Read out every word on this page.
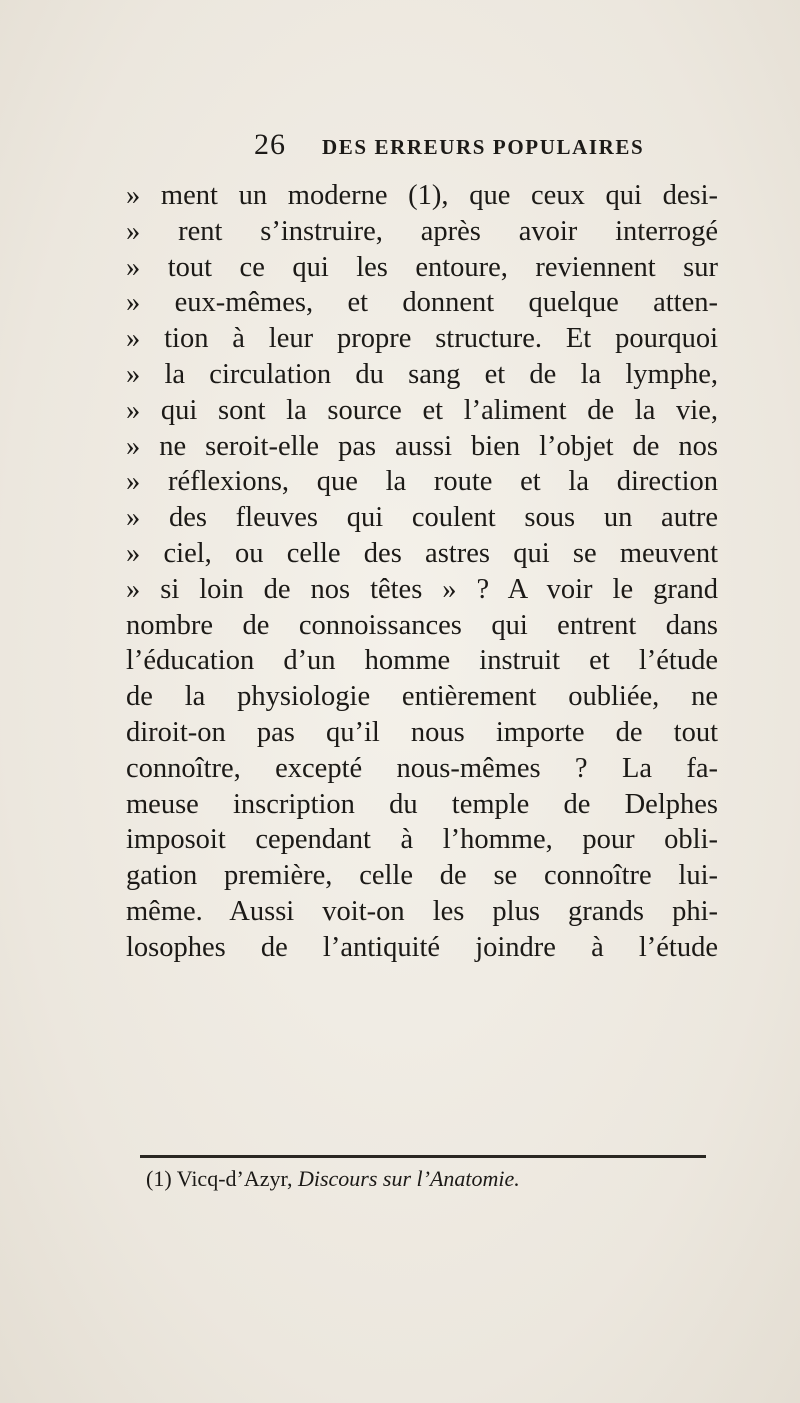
26 DES ERREURS POPULAIRES
» ment un moderne (1), que ceux qui desi-
» rent s’instruire, après avoir interrogé
» tout ce qui les entoure, reviennent sur
» eux-mêmes, et donnent quelque atten-
» tion à leur propre structure. Et pourquoi
» la circulation du sang et de la lymphe,
» qui sont la source et l’aliment de la vie,
» ne seroit-elle pas aussi bien l’objet de nos
» réflexions, que la route et la direction
» des fleuves qui coulent sous un autre
» ciel, ou celle des astres qui se meuvent
» si loin de nos têtes » ? A voir le grand
nombre de connoissances qui entrent dans
l’éducation d’un homme instruit et l’étude
de la physiologie entièrement oubliée, ne
diroit-on pas qu’il nous importe de tout
connoître, excepté nous-mêmes ? La fa-
meuse inscription du temple de Delphes
imposoit cependant à l’homme, pour obli-
gation première, celle de se connoître lui-
même. Aussi voit-on les plus grands phi-
losophes de l’antiquité joindre à l’étude
(1) Vicq-d’Azyr, Discours sur l’Anatomie.
